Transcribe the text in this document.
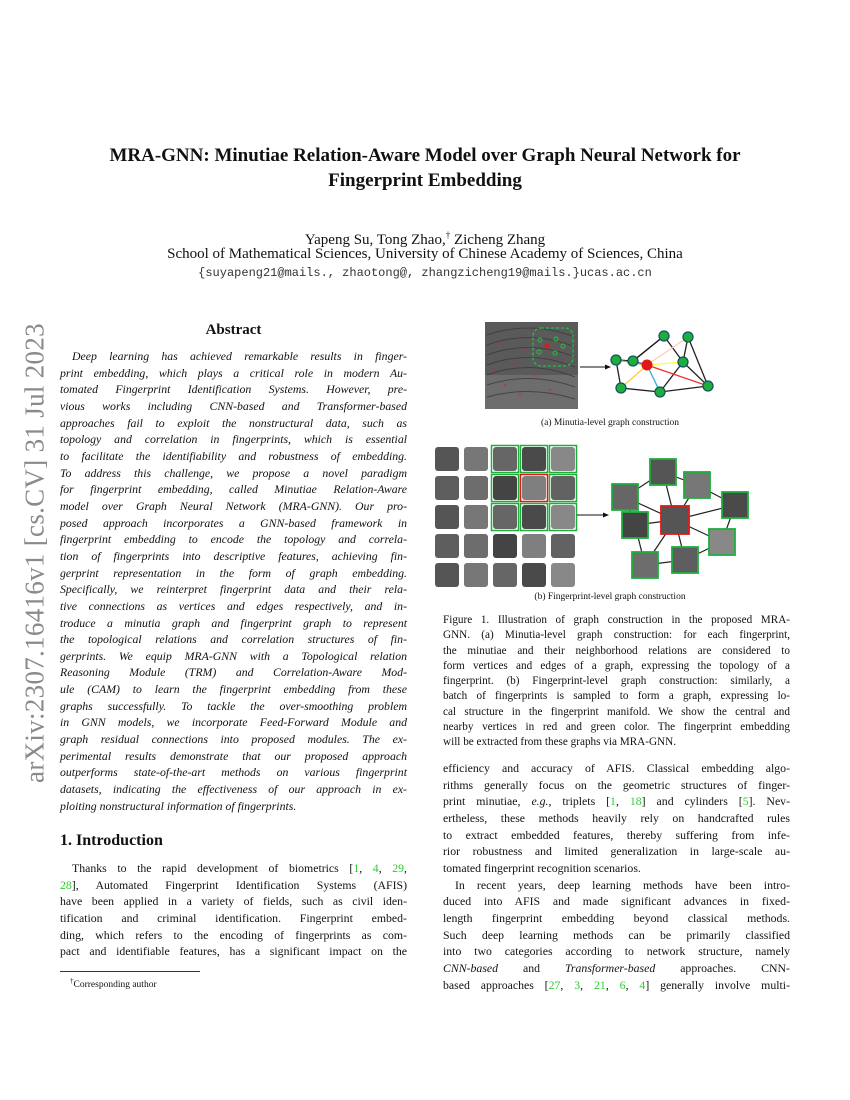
arXiv:2307.16416v1 [cs.CV] 31 Jul 2023
MRA-GNN: Minutiae Relation-Aware Model over Graph Neural Network for
Fingerprint Embedding
Yapeng Su, Tong Zhao,† Zicheng Zhang
School of Mathematical Sciences, University of Chinese Academy of Sciences, China
{suyapeng21@mails., zhaotong@, zhangzicheng19@mails.}ucas.ac.cn
Abstract
Deep learning has achieved remarkable results in finger-
print embedding, which plays a critical role in modern Au-
tomated Fingerprint Identification Systems. However, pre-
vious works including CNN-based and Transformer-based
approaches fail to exploit the nonstructural data, such as
topology and correlation in fingerprints, which is essential
to facilitate the identifiability and robustness of embedding.
To address this challenge, we propose a novel paradigm
for fingerprint embedding, called Minutiae Relation-Aware
model over Graph Neural Network (MRA-GNN). Our pro-
posed approach incorporates a GNN-based framework in
fingerprint embedding to encode the topology and correla-
tion of fingerprints into descriptive features, achieving fin-
gerprint representation in the form of graph embedding.
Specifically, we reinterpret fingerprint data and their rela-
tive connections as vertices and edges respectively, and in-
troduce a minutia graph and fingerprint graph to represent
the topological relations and correlation structures of fin-
gerprints. We equip MRA-GNN with a Topological relation
Reasoning Module (TRM) and Correlation-Aware Mod-
ule (CAM) to learn the fingerprint embedding from these
graphs successfully. To tackle the over-smoothing problem
in GNN models, we incorporate Feed-Forward Module and
graph residual connections into proposed modules. The ex-
perimental results demonstrate that our proposed approach
outperforms state-of-the-art methods on various fingerprint
datasets, indicating the effectiveness of our approach in ex-
ploiting nonstructural information of fingerprints.
1. Introduction
Thanks to the rapid development of biometrics [1, 4, 29,
28], Automated Fingerprint Identification Systems (AFIS)
have been applied in a variety of fields, such as civil iden-
tification and criminal identification. Fingerprint embed-
ding, which refers to the encoding of fingerprints as com-
pact and identifiable features, has a significant impact on the
†Corresponding author
(a) Minutia-level graph construction
(b) Fingerprint-level graph construction
Figure 1. Illustration of graph construction in the proposed MRA-
GNN. (a) Minutia-level graph construction: for each fingerprint,
the minutiae and their neighborhood relations are considered to
form vertices and edges of a graph, expressing the topology of a
fingerprint. (b) Fingerprint-level graph construction: similarly, a
batch of fingerprints is sampled to form a graph, expressing lo-
cal structure in the fingerprint manifold. We show the central and
nearby vertices in red and green color. The fingerprint embedding
will be extracted from these graphs via MRA-GNN.
efficiency and accuracy of AFIS. Classical embedding algo-
rithms generally focus on the geometric structures of finger-
print minutiae, e.g., triplets [1, 18] and cylinders [5]. Nev-
ertheless, these methods heavily rely on handcrafted rules
to extract embedded features, thereby suffering from infe-
rior robustness and limited generalization in large-scale au-
tomated fingerprint recognition scenarios.
In recent years, deep learning methods have been intro-
duced into AFIS and made significant advances in fixed-
length fingerprint embedding beyond classical methods.
Such deep learning methods can be primarily classified
into two categories according to network structure, namely
CNN-based and Transformer-based approaches. CNN-
based approaches [27, 3, 21, 6, 4] generally involve multi-
